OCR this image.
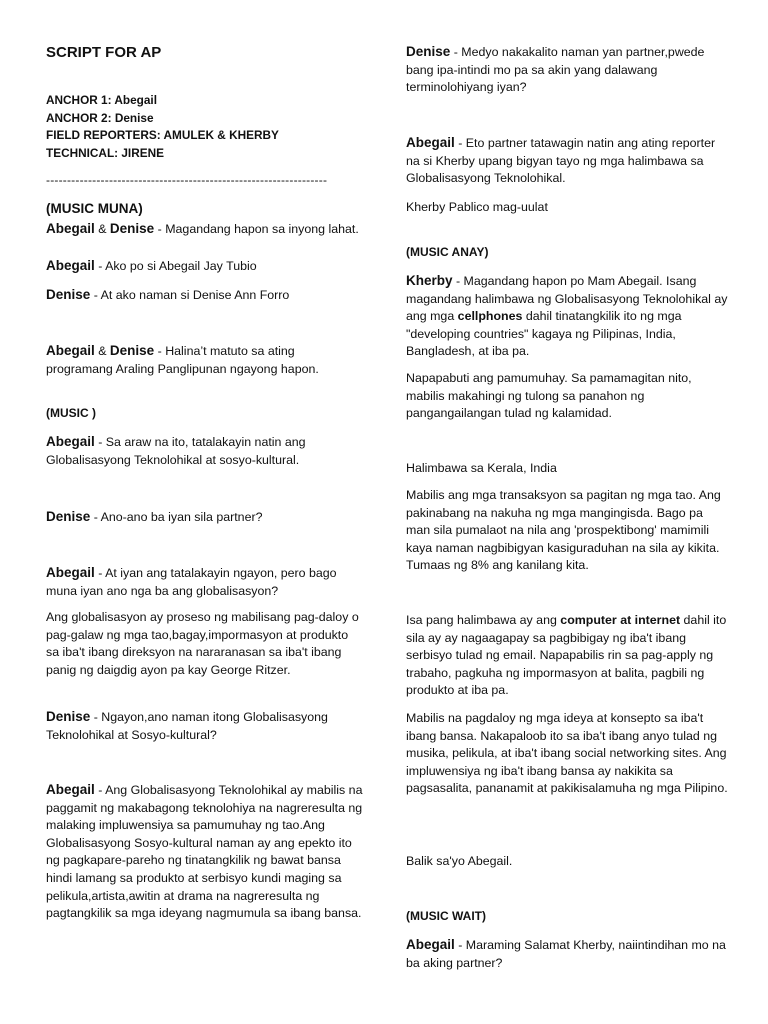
SCRIPT FOR AP

ANCHOR 1: Abegail
ANCHOR 2: Denise
FIELD REPORTERS: AMULEK & KHERBY
TECHNICAL: JIRENE

-------------------------------------------------------------------

(MUSIC MUNA)

Abegail & Denise - Magandang hapon sa inyong lahat.

Abegail - Ako po si Abegail Jay Tubio

Denise - At ako naman si Denise Ann Forro

Abegail & Denise - Halina’t matuto sa ating programang Araling Panglipunan ngayong hapon.

(MUSIC )

Abegail - Sa araw na ito, tatalakayin natin ang Globalisasyong Teknolohikal at sosyo-kultural.

Denise - Ano-ano ba iyan sila partner?

Abegail - At iyan ang tatalakayin ngayon, pero bago muna iyan ano nga ba ang globalisasyon?

Ang globalisasyon ay proseso ng mabilisang pag-daloy o pag-galaw ng mga tao,bagay,impormasyon at produkto sa iba't ibang direksyon na nararanasan sa iba't ibang panig ng daigdig ayon pa kay George Ritzer.

Denise - Ngayon,ano naman itong Globalisasyong Teknolohikal at Sosyo-kultural?

Abegail - Ang Globalisasyong Teknolohikal ay mabilis na paggamit ng makabagong teknolohiya na nagreresulta ng malaking impluwensiya sa pamumuhay ng tao.Ang Globalisasyong Sosyo-kultural naman ay ang epekto ito ng pagkapare-pareho ng tinatangkilik ng bawat bansa hindi lamang sa produkto at serbisyo kundi maging sa pelikula,artista,awitin at drama na nagreresulta ng pagtangkilik sa mga ideyang nagmumula sa ibang bansa.

Denise - Medyo nakakalito naman yan partner,pwede bang ipa-intindi mo pa sa akin yang dalawang terminolohiyang iyan?

Abegail - Eto partner tatawagin natin ang ating reporter na si Kherby upang bigyan tayo ng mga halimbawa sa Globalisasyong Teknolohikal.

Kherby Pablico mag-uulat

(MUSIC ANAY)

Kherby - Magandang hapon po Mam Abegail. Isang magandang halimbawa ng Globalisasyong Teknolohikal ay ang mga cellphones dahil tinatangkilik ito ng mga "developing countries" kagaya ng Pilipinas, India, Bangladesh, at iba pa.

Napapabuti ang pamumuhay. Sa pamamagitan nito, mabilis makahingi ng tulong sa panahon ng pangangailangan tulad ng kalamidad.

Halimbawa sa Kerala, India

Mabilis ang mga transaksyon sa pagitan ng mga tao. Ang pakinabang na nakuha ng mga mangingisda. Bago pa man sila pumalaot na nila ang 'prospektibong' mamimili kaya naman nagbibigyan kasiguraduhan na sila ay kikita. Tumaas ng 8% ang kanilang kita.

Isa pang halimbawa ay ang computer at internet dahil ito sila ay ay nagaagapay sa pagbibigay ng iba't ibang serbisyo tulad ng email. Napapabilis rin sa pag-apply ng trabaho, pagkuha ng impormasyon at balita, pagbili ng produkto at iba pa.

Mabilis na pagdaloy ng mga ideya at konsepto sa iba't ibang bansa. Nakapaloob ito sa iba't ibang anyo tulad ng musika, pelikula, at iba't ibang social networking sites. Ang impluwensiya ng iba't ibang bansa ay nakikita sa pagsasalita, pananamit at pakikisalamuha ng mga Pilipino.

Balik sa'yo Abegail.

(MUSIC WAIT)

Abegail - Maraming Salamat Kherby, naiintindihan mo na ba aking partner?
